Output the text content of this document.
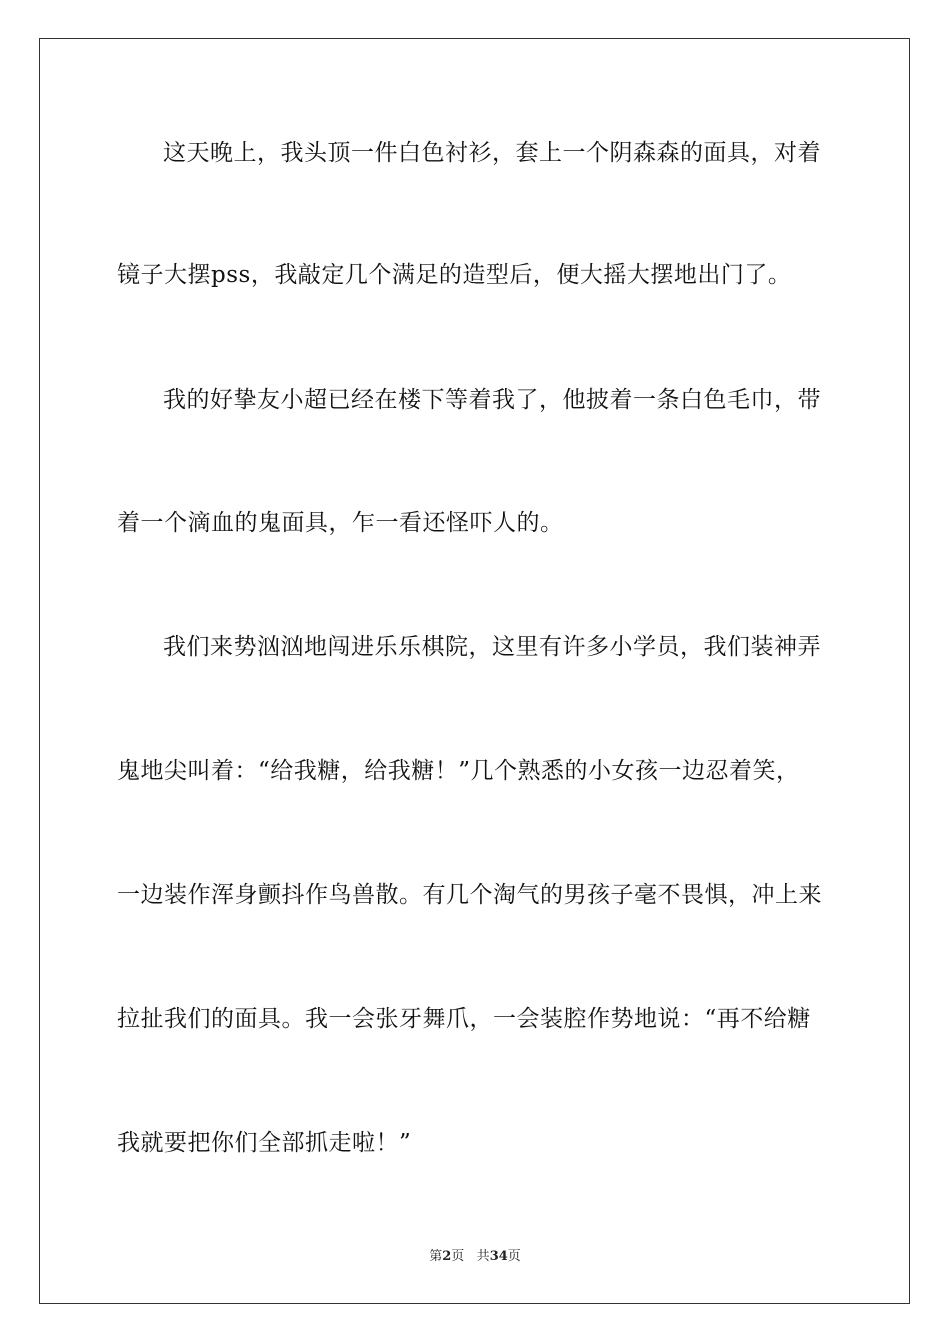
这天晚上，我头顶一件白色衬衫，套上一个阴森森的面具，对着
镜子大摆pss，我敲定几个满足的造型后，便大摇大摆地出门了。
我的好挚友小超已经在楼下等着我了，他披着一条白色毛巾，带
着一个滴血的鬼面具，乍一看还怪吓人的。
我们来势汹汹地闯进乐乐棋院，这里有许多小学员，我们装神弄
鬼地尖叫着：“给我糖，给我糖！”几个熟悉的小女孩一边忍着笑，
一边装作浑身颤抖作鸟兽散。有几个淘气的男孩子毫不畏惧，冲上来
拉扯我们的面具。我一会张牙舞爪，一会装腔作势地说：“再不给糖
我就要把你们全部抓走啦！”
第2页 共34页
